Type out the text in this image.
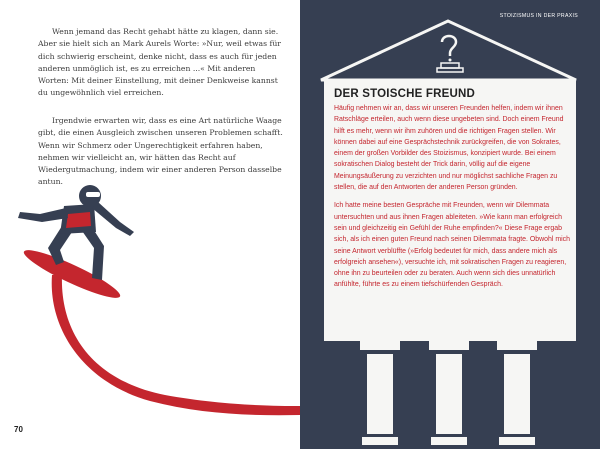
Wenn jemand das Recht gehabt hätte zu klagen, dann sie. Aber sie hielt sich an Mark Aurels Worte: »Nur, weil etwas für dich schwierig erscheint, denke nicht, dass es auch für jeden anderen unmöglich ist, es zu erreichen ...« Mit anderen Worten: Mit deiner Einstellung, mit deiner Denkweise kannst du ungewöhnlich viel erreichen.

Irgendwie erwarten wir, dass es eine Art natürliche Waage gibt, die einen Ausgleich zwischen unseren Problemen schafft. Wenn wir Schmerz oder Ungerechtigkeit erfahren haben, nehmen wir vielleicht an, wir hätten das Recht auf Wiedergutmachung, indem wir einer anderen Person dasselbe antun.

70
STOIZISMUS IN DER PRAXIS
DER STOISCHE FREUND

Häufig nehmen wir an, dass wir unseren Freunden helfen, indem wir ihnen Ratschläge erteilen, auch wenn diese ungebeten sind. Doch einem Freund hilft es mehr, wenn wir ihm zuhören und die richtigen Fragen stellen. Wir können dabei auf eine Gesprächstechnik zurückgreifen, die von Sokrates, einem der großen Vorbilder des Stoizismus, konzipiert wurde. Bei einem sokratischen Dialog besteht der Trick darin, völlig auf die eigene Meinungsäußerung zu verzichten und nur möglichst sachliche Fragen zu stellen, die auf den Antworten der anderen Person gründen.

Ich hatte meine besten Gespräche mit Freunden, wenn wir Dilemmata untersuchten und aus ihnen Fragen ableiteten. »Wie kann man erfolgreich sein und gleichzeitig ein Gefühl der Ruhe empfinden?« Diese Frage ergab sich, als ich einen guten Freund nach seinen Dilemmata fragte. Obwohl mich seine Antwort verblüffte (»Erfolg bedeutet für mich, dass andere mich als erfolgreich ansehen«), versuchte ich, mit sokratischen Fragen zu reagieren, ohne ihn zu beurteilen oder zu beraten. Auch wenn sich dies unnatürlich anfühlte, führte es zu einem tiefschürfenden Gespräch.
